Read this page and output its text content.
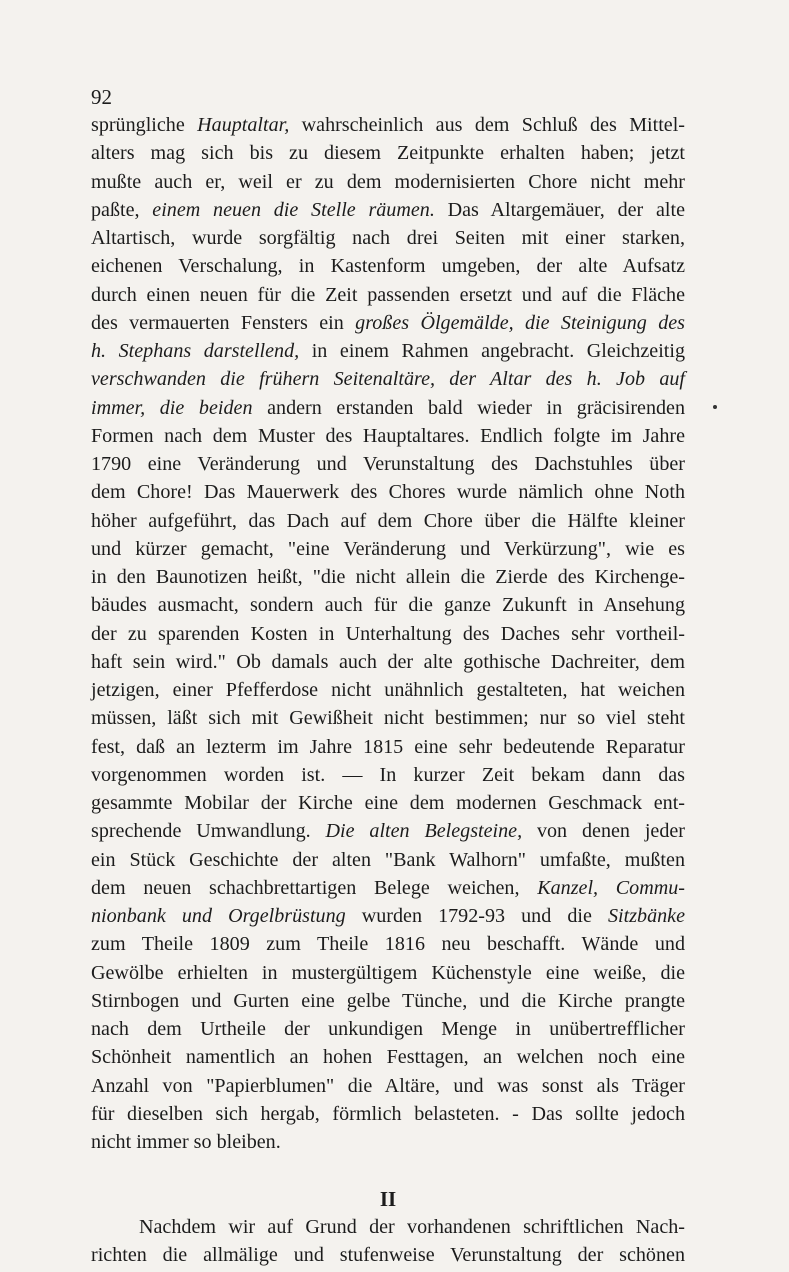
92
sprüngliche Hauptaltar, wahrscheinlich aus dem Schluß des Mittel-
alters mag sich bis zu diesem Zeitpunkte erhalten haben; jetzt
mußte auch er, weil er zu dem modernisierten Chore nicht mehr
paßte, einem neuen die Stelle räumen. Das Altargemäuer, der alte
Altartisch, wurde sorgfältig nach drei Seiten mit einer starken,
eichenen Verschalung, in Kastenform umgeben, der alte Aufsatz
durch einen neuen für die Zeit passenden ersetzt und auf die Fläche
des vermauerten Fensters ein großes Ölgemälde, die Steinigung des
h. Stephans darstellend, in einem Rahmen angebracht. Gleichzeitig
verschwanden die frühern Seitenaltäre, der Altar des h. Job auf
immer, die beiden andern erstanden bald wieder in gräcisirenden
Formen nach dem Muster des Hauptaltares. Endlich folgte im Jahre
1790 eine Veränderung und Verunstaltung des Dachstuhles über
dem Chore! Das Mauerwerk des Chores wurde nämlich ohne Noth
höher aufgeführt, das Dach auf dem Chore über die Hälfte kleiner
und kürzer gemacht, "eine Veränderung und Verkürzung", wie es
in den Baunotizen heißt, "die nicht allein die Zierde des Kirchenge-
bäudes ausmacht, sondern auch für die ganze Zukunft in Ansehung
der zu sparenden Kosten in Unterhaltung des Daches sehr vortheil-
haft sein wird." Ob damals auch der alte gothische Dachreiter, dem
jetzigen, einer Pfefferdose nicht unähnlich gestalteten, hat weichen
müssen, läßt sich mit Gewißheit nicht bestimmen; nur so viel steht
fest, daß an lezterm im Jahre 1815 eine sehr bedeutende Reparatur
vorgenommen worden ist. — In kurzer Zeit bekam dann das
gesammte Mobilar der Kirche eine dem modernen Geschmack ent-
sprechende Umwandlung. Die alten Belegsteine, von denen jeder
ein Stück Geschichte der alten "Bank Walhorn" umfaßte, mußten
dem neuen schachbrettartigen Belege weichen, Kanzel, Commu-
nionbank und Orgelbrüstung wurden 1792-93 und die Sitzbänke
zum Theile 1809 zum Theile 1816 neu beschafft. Wände und
Gewölbe erhielten in mustergültigem Küchenstyle eine weiße, die
Stirnbogen und Gurten eine gelbe Tünche, und die Kirche prangte
nach dem Urtheile der unkundigen Menge in unübertrefflicher
Schönheit namentlich an hohen Festtagen, an welchen noch eine
Anzahl von "Papierblumen" die Altäre, und was sonst als Träger
für dieselben sich hergab, förmlich belasteten. - Das sollte jedoch
nicht immer so bleiben.
II
Nachdem wir auf Grund der vorhandenen schriftlichen Nach-
richten die allmälige und stufenweise Verunstaltung der schönen
